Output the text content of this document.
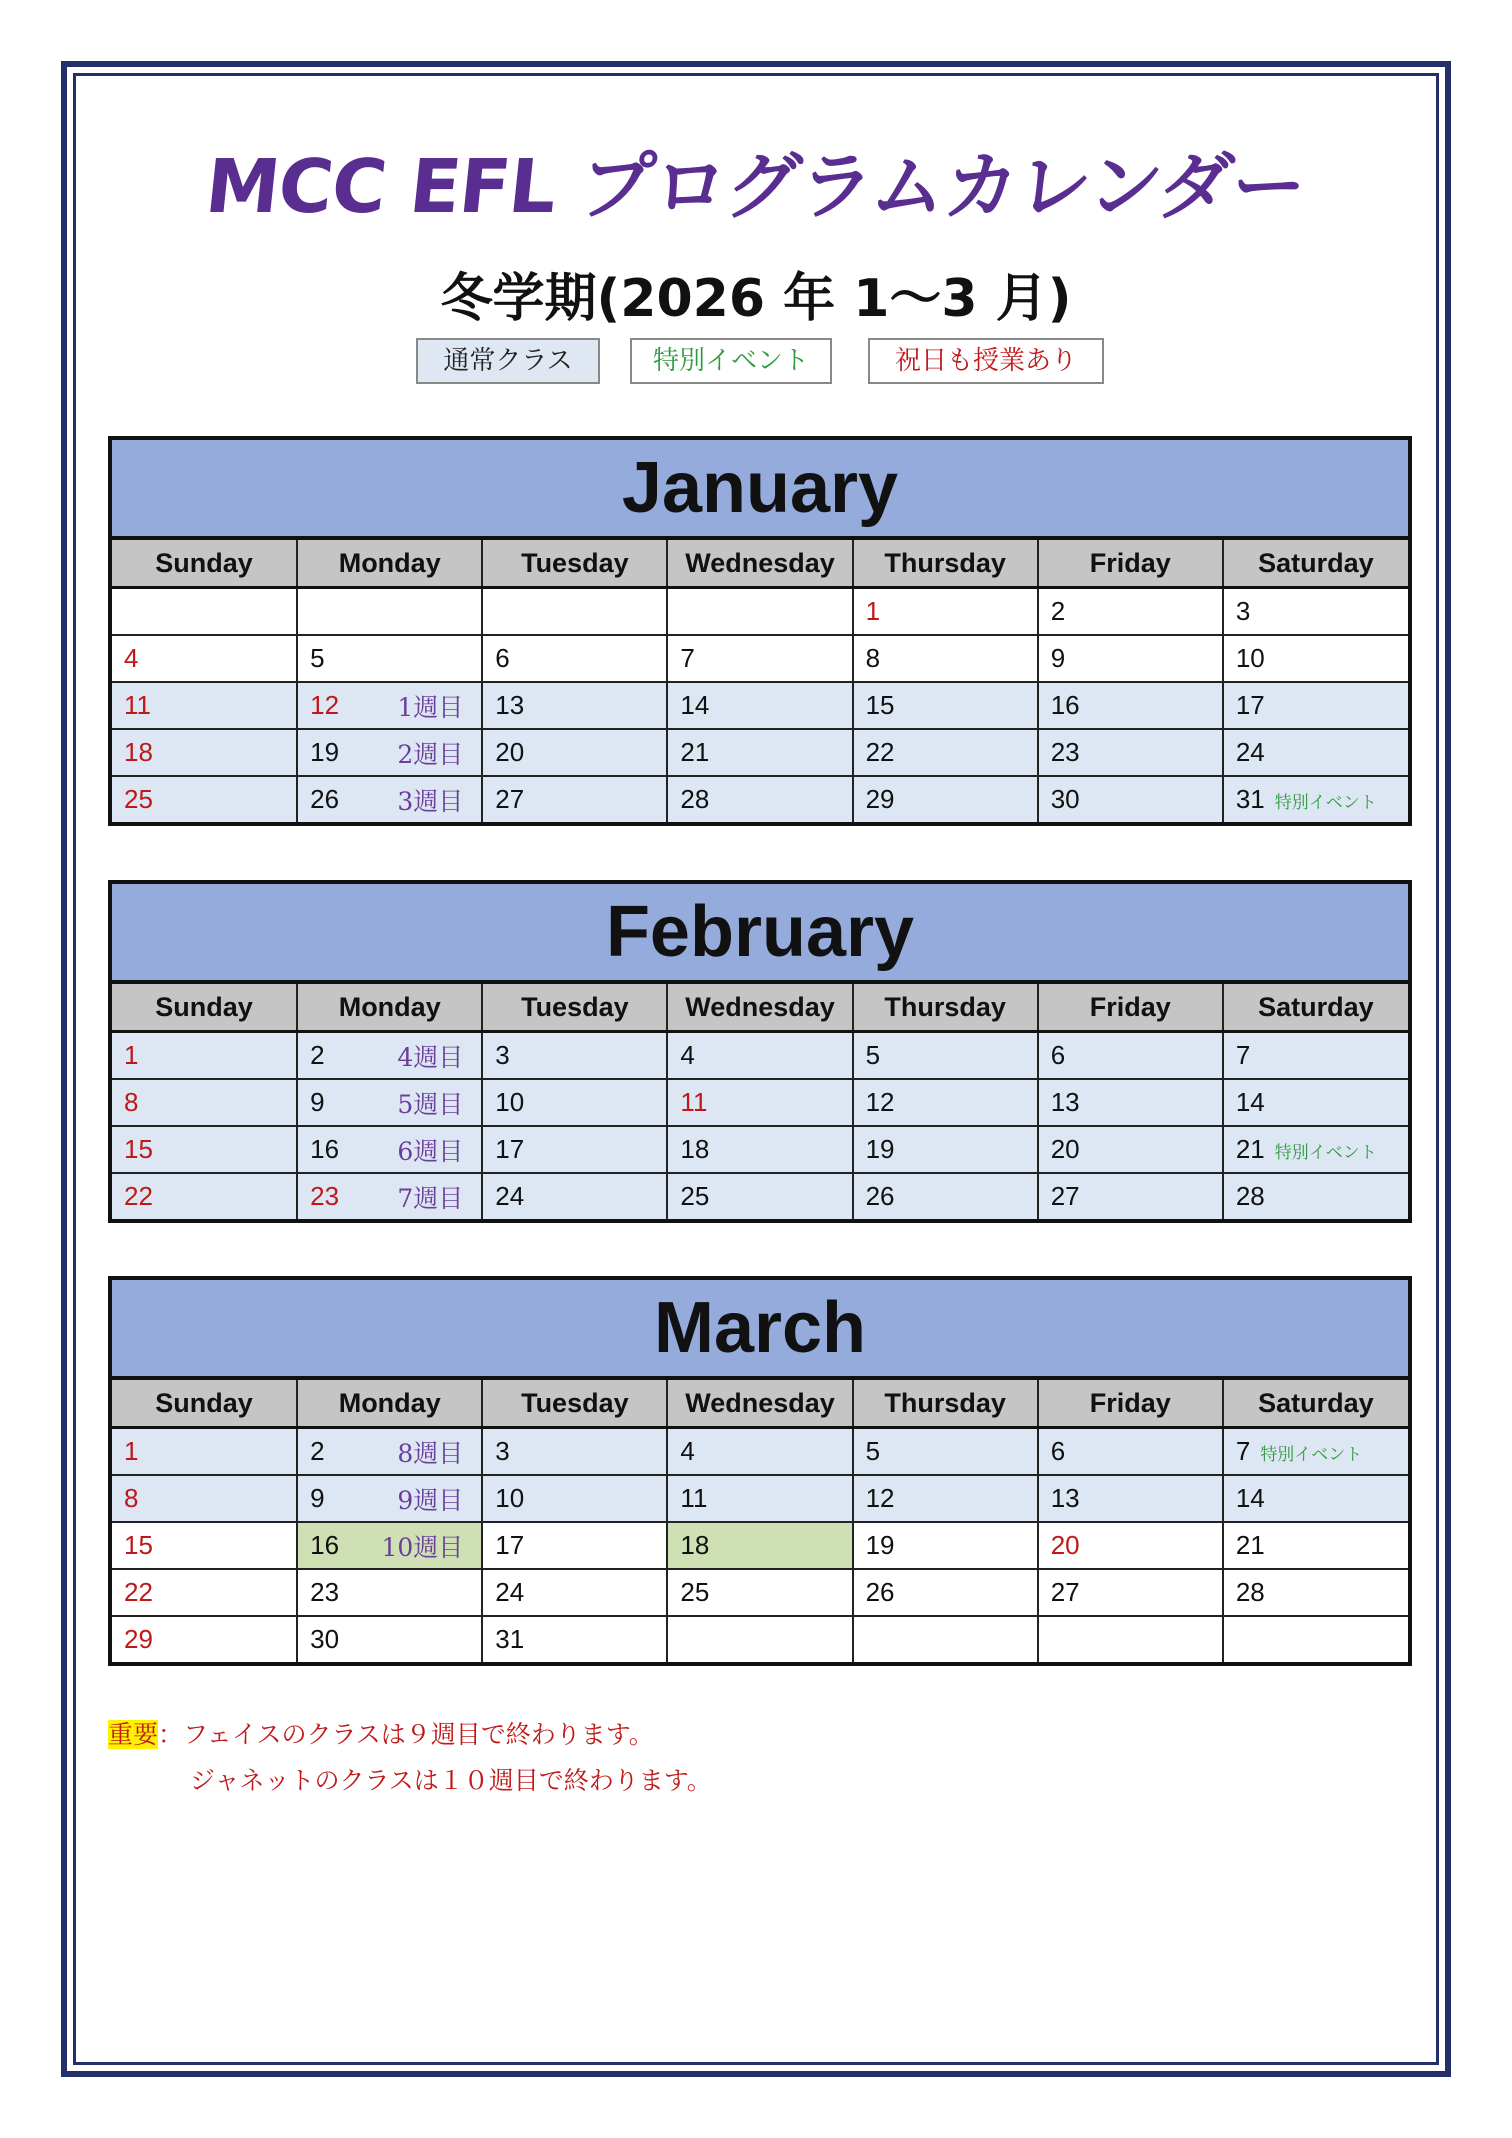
MCC EFL プログラムカレンダー
冬学期(2026 年 1～3 月)
通常クラス	特別イベント	祝日も授業あり
January
Sunday	Monday	Tuesday	Wednesday	Thursday	Friday	Saturday
				1	2	3
4	5	6	7	8	9	10
11	12 1週目	13	14	15	16	17
18	19 2週目	20	21	22	23	24
25	26 3週目	27	28	29	30	31 特別イベント
February
Sunday	Monday	Tuesday	Wednesday	Thursday	Friday	Saturday
1	2 4週目	3	4	5	6	7
8	9 5週目	10	11	12	13	14
15	16 6週目	17	18	19	20	21 特別イベント
22	23 7週目	24	25	26	27	28
March
Sunday	Monday	Tuesday	Wednesday	Thursday	Friday	Saturday
1	2 8週目	3	4	5	6	7 特別イベント
8	9 9週目	10	11	12	13	14
15	16 10週目	17	18	19	20	21
22	23	24	25	26	27	28
29	30	31				
重要：フェイスのクラスは９週目で終わります。
ジャネットのクラスは１０週目で終わります。
